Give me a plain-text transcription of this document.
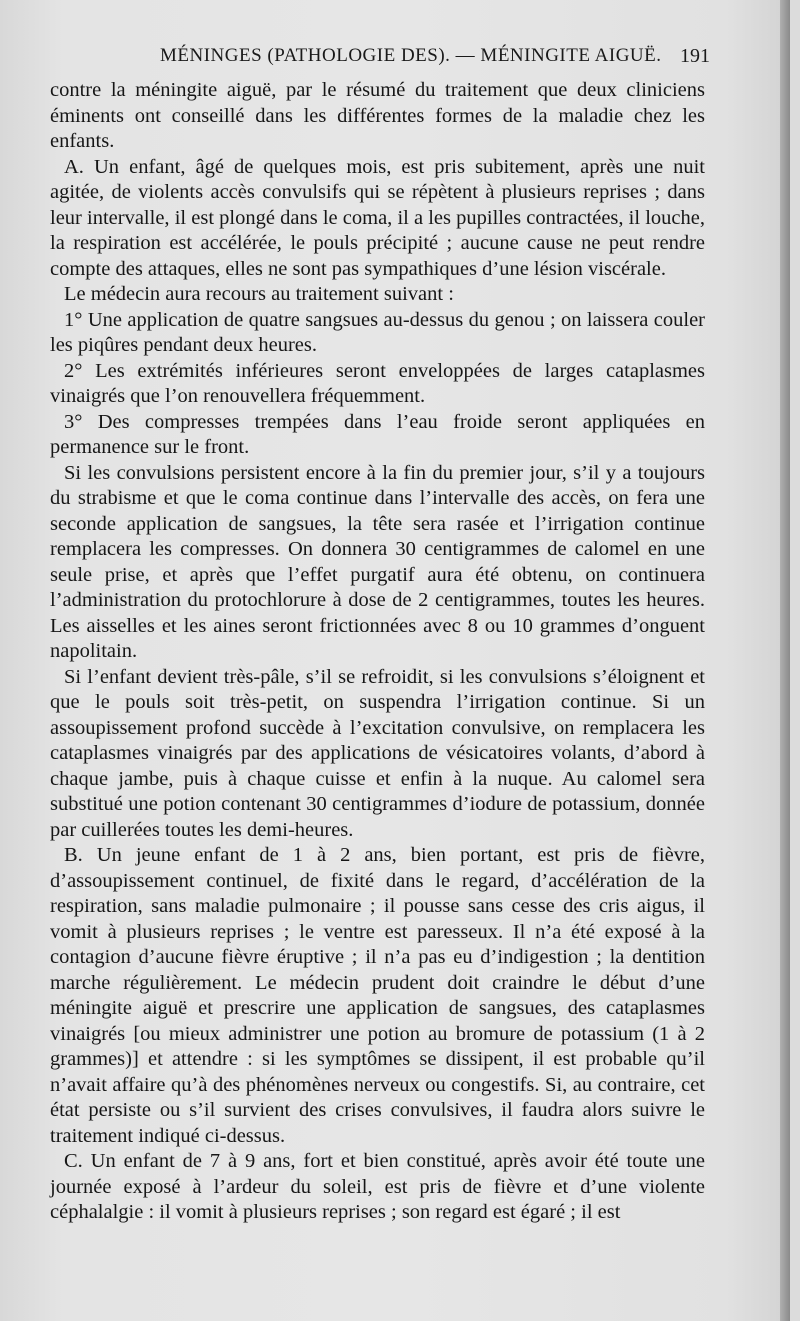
MÉNINGES (PATHOLOGIE DES). — MÉNINGITE AIGUË. 191

contre la méningite aiguë, par le résumé du traitement que deux cliniciens éminents ont conseillé dans les différentes formes de la maladie chez les enfants.

A. Un enfant, âgé de quelques mois, est pris subitement, après une nuit agitée, de violents accès convulsifs qui se répètent à plusieurs reprises ; dans leur intervalle, il est plongé dans le coma, il a les pupilles contractées, il louche, la respiration est accélérée, le pouls précipité ; aucune cause ne peut rendre compte des attaques, elles ne sont pas sympathiques d’une lésion viscérale.

Le médecin aura recours au traitement suivant :

1° Une application de quatre sangsues au-dessus du genou ; on laissera couler les piqûres pendant deux heures.

2° Les extrémités inférieures seront enveloppées de larges cataplasmes vinaigrés que l’on renouvellera fréquemment.

3° Des compresses trempées dans l’eau froide seront appliquées en permanence sur le front.

Si les convulsions persistent encore à la fin du premier jour, s’il y a toujours du strabisme et que le coma continue dans l’intervalle des accès, on fera une seconde application de sangsues, la tête sera rasée et l’irrigation continue remplacera les compresses. On donnera 30 centigrammes de calomel en une seule prise, et après que l’effet purgatif aura été obtenu, on continuera l’administration du protochlorure à dose de 2 centigrammes, toutes les heures. Les aisselles et les aines seront frictionnées avec 8 ou 10 grammes d’onguent napolitain.

Si l’enfant devient très-pâle, s’il se refroidit, si les convulsions s’éloignent et que le pouls soit très-petit, on suspendra l’irrigation continue. Si un assoupissement profond succède à l’excitation convulsive, on remplacera les cataplasmes vinaigrés par des applications de vésicatoires volants, d’abord à chaque jambe, puis à chaque cuisse et enfin à la nuque. Au calomel sera substitué une potion contenant 30 centigrammes d’iodure de potassium, donnée par cuillerées toutes les demi-heures.

B. Un jeune enfant de 1 à 2 ans, bien portant, est pris de fièvre, d’assoupissement continuel, de fixité dans le regard, d’accélération de la respiration, sans maladie pulmonaire ; il pousse sans cesse des cris aigus, il vomit à plusieurs reprises ; le ventre est paresseux. Il n’a été exposé à la contagion d’aucune fièvre éruptive ; il n’a pas eu d’indigestion ; la dentition marche régulièrement. Le médecin prudent doit craindre le début d’une méningite aiguë et prescrire une application de sangsues, des cataplasmes vinaigrés [ou mieux administrer une potion au bromure de potassium (1 à 2 grammes)] et attendre : si les symptômes se dissipent, il est probable qu’il n’avait affaire qu’à des phénomènes nerveux ou congestifs. Si, au contraire, cet état persiste ou s’il survient des crises convulsives, il faudra alors suivre le traitement indiqué ci-dessus.

C. Un enfant de 7 à 9 ans, fort et bien constitué, après avoir été toute une journée exposé à l’ardeur du soleil, est pris de fièvre et d’une violente céphalalgie : il vomit à plusieurs reprises ; son regard est égaré ; il est
